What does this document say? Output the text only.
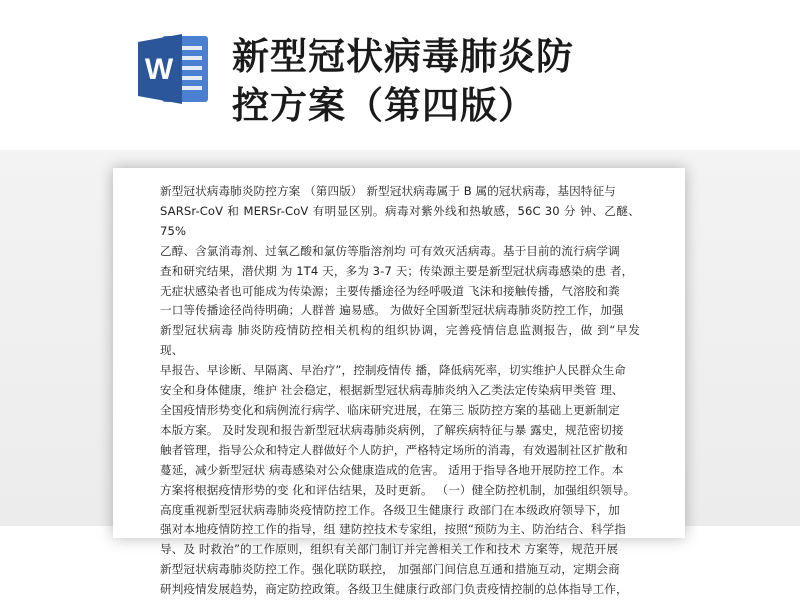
W 新型冠状病毒肺炎防
控方案（第四版）

新型冠状病毒肺炎防控方案 （第四版） 新型冠状病毒属于 B 属的冠状病毒，基因特征与

SARSr-CoV 和 MERSr-CoV 有明显区别。病毒对紫外线和热敏感，56C 30 分 钟、乙醚、75%

乙醇、含氯消毒剂、过氧乙酸和氯仿等脂溶剂均 可有效灭活病毒。基于目前的流行病学调

查和研究结果，潜伏期 为 1T4 天，多为 3-7 天；传染源主要是新型冠状病毒感染的患 者，

无症状感染者也可能成为传染源；主要传播途径为经呼吸道 飞沫和接触传播，气溶胶和粪

一口等传播途径尚待明确；人群普 遍易感。 为做好全国新型冠状病毒肺炎防控工作，加强

新型冠状病毒 肺炎防疫情防控相关机构的组织协调，完善疫情信息监测报告，做 到“早发现、

早报告、早诊断、早隔离、早治疗”，控制疫情传 播，降低病死率，切实维护人民群众生命

安全和身体健康，维护 社会稳定，根据新型冠状病毒肺炎纳入乙类法定传染病甲类管 理、

全国疫情形势变化和病例流行病学、临床研究进展，在第三 版防控方案的基础上更新制定

本版方案。 及时发现和报告新型冠状病毒肺炎病例，了解疾病特征与暴 露史，规范密切接

触者管理，指导公众和特定人群做好个人防护，严格特定场所的消毒，有效遏制社区扩散和

蔓延，减少新型冠状 病毒感染对公众健康造成的危害。 适用于指导各地开展防控工作。本

方案将根据疫情形势的变 化和评估结果，及时更新。 （一）健全防控机制，加强组织领导。

高度重视新型冠状病毒肺炎疫情防控工作。各级卫生健康行 政部门在本级政府领导下，加

强对本地疫情防控工作的指导，组 建防控技术专家组，按照“预防为主、防治结合、科学指

导、及 时救治”的工作原则，组织有关部门制订并完善相关工作和技术 方案等，规范开展

新型冠状病毒肺炎防控工作。强化联防联控， 加强部门间信息互通和措施互动，定期会商

研判疫情发展趋势，商定防控政策。各级卫生健康行政部门负责疫情控制的总体指导工作，
